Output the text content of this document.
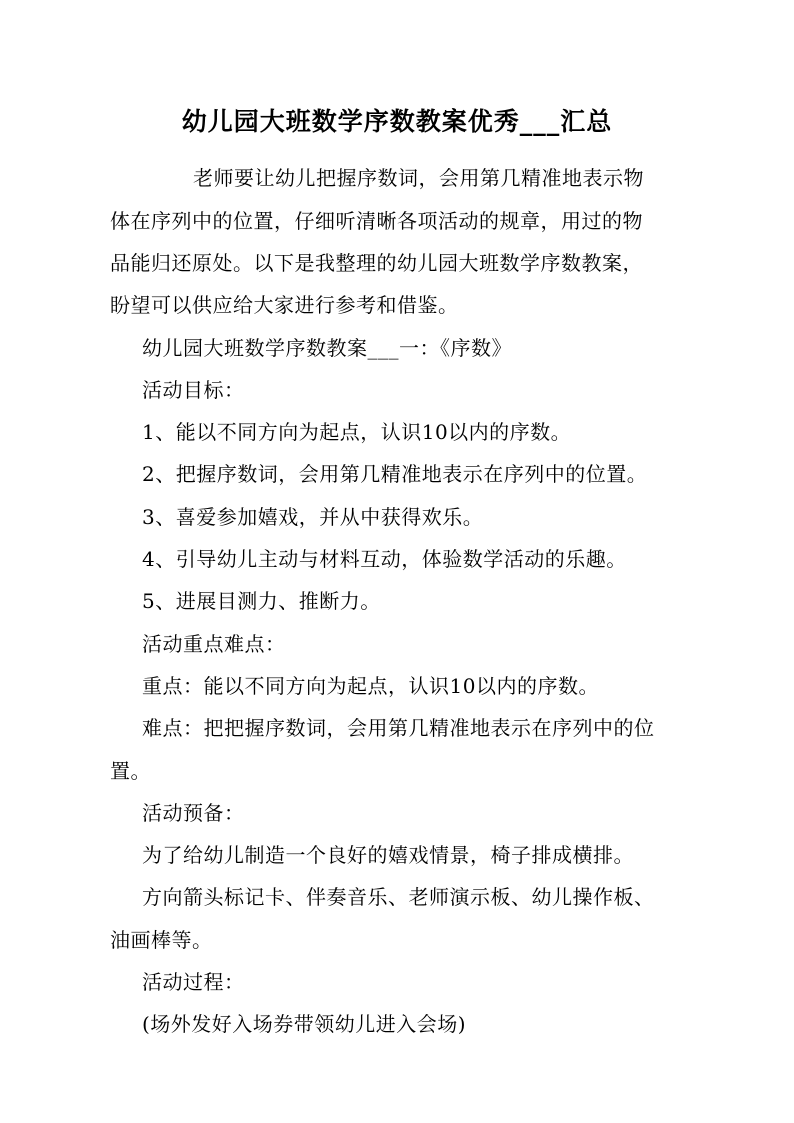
幼儿园大班数学序数教案优秀___汇总
老师要让幼儿把握序数词，会用第几精准地表示物
体在序列中的位置，仔细听清晰各项活动的规章，用过的物
品能归还原处。以下是我整理的幼儿园大班数学序数教案，
盼望可以供应给大家进行参考和借鉴。
幼儿园大班数学序数教案___一：《序数》
活动目标：
1、能以不同方向为起点，认识10以内的序数。
2、把握序数词，会用第几精准地表示在序列中的位置。
3、喜爱参加嬉戏，并从中获得欢乐。
4、引导幼儿主动与材料互动，体验数学活动的乐趣。
5、进展目测力、推断力。
活动重点难点：
重点：能以不同方向为起点，认识10以内的序数。
难点：把把握序数词，会用第几精准地表示在序列中的位
置。
活动预备：
为了给幼儿制造一个良好的嬉戏情景，椅子排成横排。
方向箭头标记卡、伴奏音乐、老师演示板、幼儿操作板、
油画棒等。
活动过程：
(场外发好入场券带领幼儿进入会场)
